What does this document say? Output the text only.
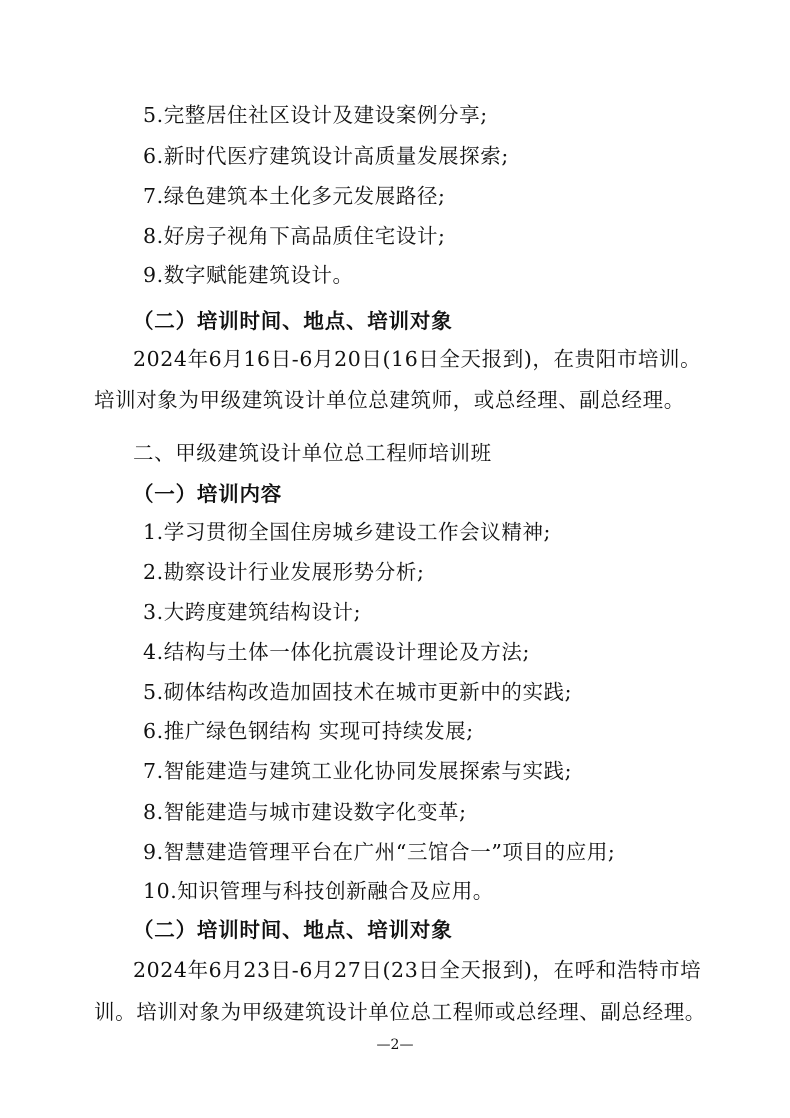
5.完整居住社区设计及建设案例分享;

6.新时代医疗建筑设计高质量发展探索;

7.绿色建筑本土化多元发展路径;

8.好房子视角下高品质住宅设计;

9.数字赋能建筑设计。

（二）培训时间、地点、培训对象

2024年6月16日-6月20日(16日全天报到)，在贵阳市培训。

培训对象为甲级建筑设计单位总建筑师，或总经理、副总经理。

二、甲级建筑设计单位总工程师培训班

（一）培训内容

1.学习贯彻全国住房城乡建设工作会议精神;

2.勘察设计行业发展形势分析;

3.大跨度建筑结构设计;

4.结构与土体一体化抗震设计理论及方法;

5.砌体结构改造加固技术在城市更新中的实践;

6.推广绿色钢结构 实现可持续发展;

7.智能建造与建筑工业化协同发展探索与实践;

8.智能建造与城市建设数字化变革;

9.智慧建造管理平台在广州“三馆合一”项目的应用;

10.知识管理与科技创新融合及应用。

（二）培训时间、地点、培训对象

2024年6月23日-6月27日(23日全天报到)，在呼和浩特市培

训。培训对象为甲级建筑设计单位总工程师或总经理、副总经理。

—2—
